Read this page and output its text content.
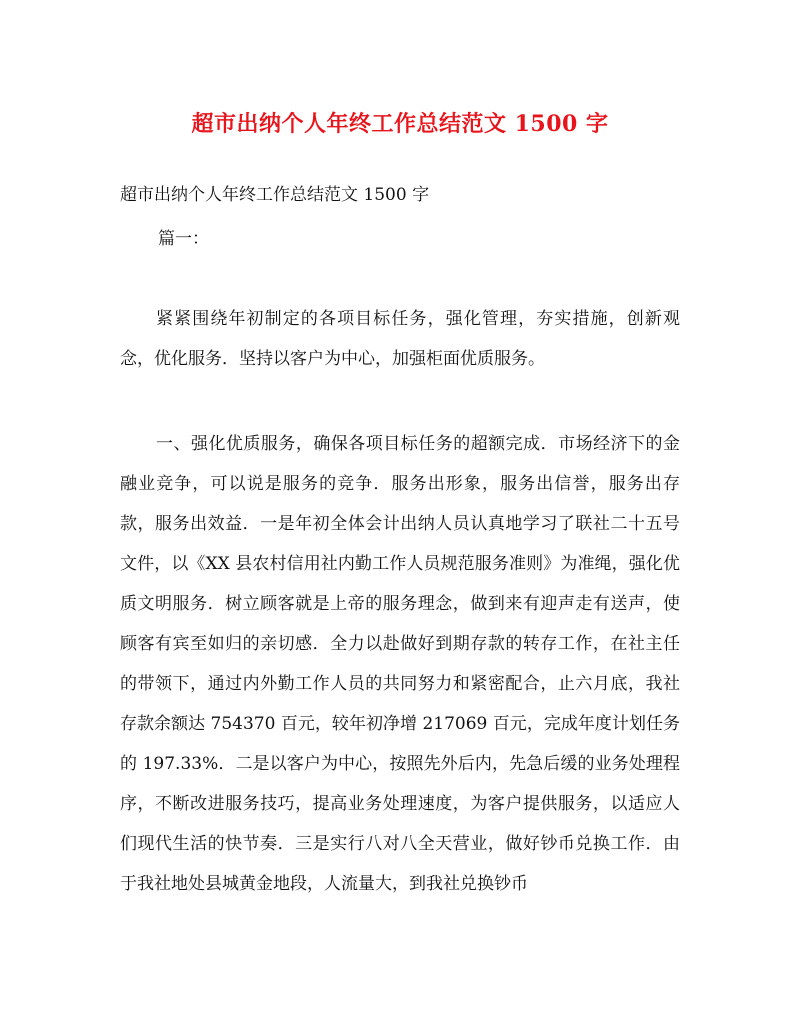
超市出纳个人年终工作总结范文 1500 字
超市出纳个人年终工作总结范文 1500 字
篇一：
紧紧围绕年初制定的各项目标任务，强化管理，夯实措施，创新观念，优化服务．坚持以客户为中心，加强柜面优质服务。
一、强化优质服务，确保各项目标任务的超额完成．市场经济下的金融业竞争，可以说是服务的竞争．服务出形象，服务出信誉，服务出存款，服务出效益．一是年初全体会计出纳人员认真地学习了联社二十五号文件，以《XX 县农村信用社内勤工作人员规范服务准则》为准绳，强化优质文明服务．树立顾客就是上帝的服务理念，做到来有迎声走有送声，使顾客有宾至如归的亲切感．全力以赴做好到期存款的转存工作，在社主任的带领下，通过内外勤工作人员的共同努力和紧密配合，止六月底，我社存款余额达 754370 百元，较年初净增 217069 百元，完成年度计划任务的 197.33%．二是以客户为中心，按照先外后内，先急后缓的业务处理程序，不断改进服务技巧，提高业务处理速度，为客户提供服务，以适应人们现代生活的快节奏．三是实行八对八全天营业，做好钞币兑换工作．由于我社地处县城黄金地段，人流量大，到我社兑换钞币
